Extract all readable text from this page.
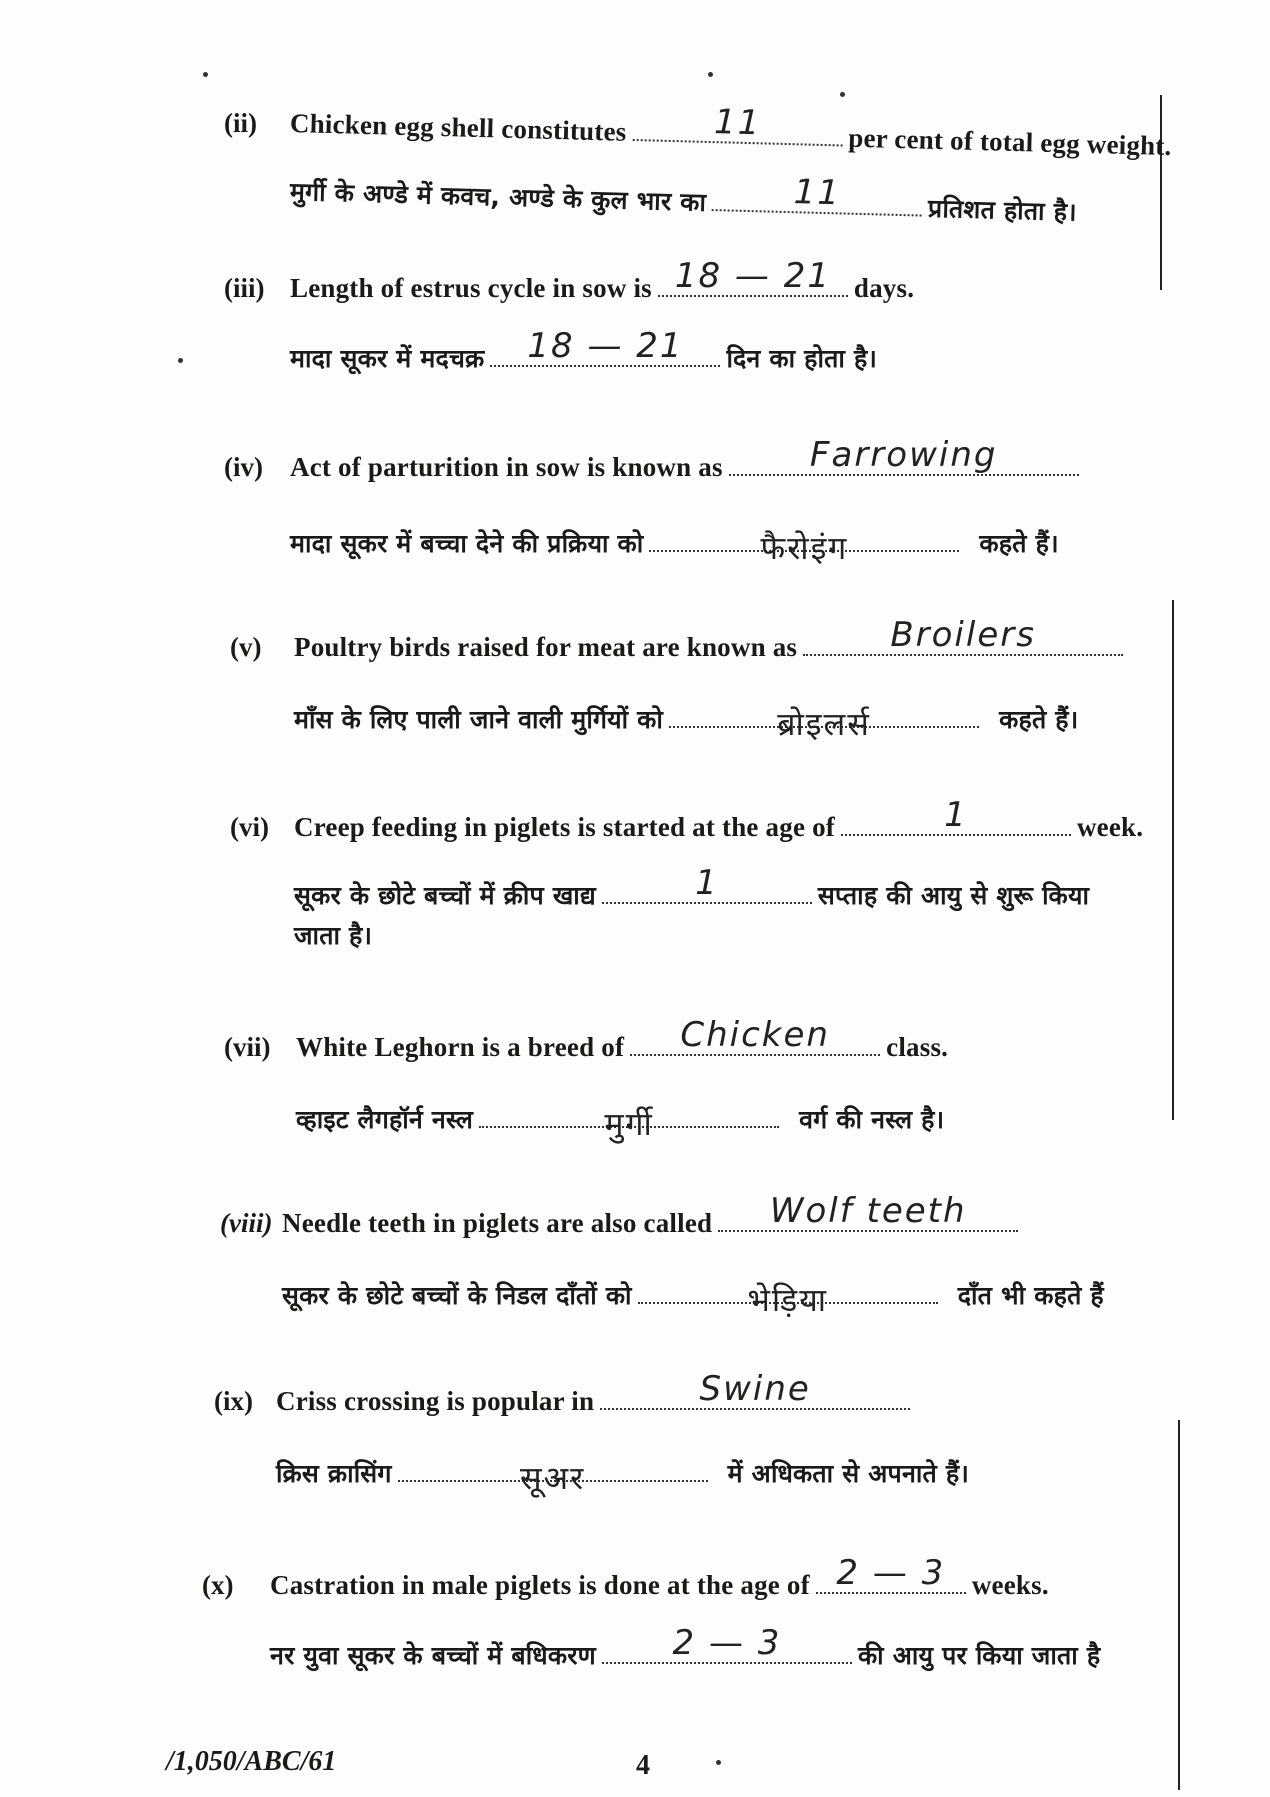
(ii) Chicken egg shell constitutes	11	per cent of total egg weight.
मुर्गी के अण्डे में कवच, अण्डे के कुल भार का	11	प्रतिशत होता है।
(iii) Length of estrus cycle in sow is 18 — 21 days.
मादा सूकर में मदचक्र	18 — 21	दिन का होता है।
(iv) Act of parturition in sow is known as	Farrowing
मादा सूकर में बच्चा देने की प्रक्रिया को	फैरोइंग	कहते हैं।
(v) Poultry birds raised for meat are known as	Broilers
माँस के लिए पाली जाने वाली मुर्गियों को	ब्रोइलर्स	कहते हैं।
(vi) Creep feeding in piglets is started at the age of	1	week.
सूकर के छोटे बच्चों में क्रीप खाद्य	1	सप्ताह की आयु से शुरू किया
जाता है।
(vii) White Leghorn is a breed of	Chicken	class.
व्हाइट लैगहॉर्न नस्ल	मुर्गी	वर्ग की नस्ल है।
(viii) Needle teeth in piglets are also called	Wolf teeth
सूकर के छोटे बच्चों के निडल दाँतों को	भेड़िया	दाँत भी कहते हैं
(ix) Criss crossing is popular in	Swine
क्रिस क्रासिंग	सूअर	में अधिकता से अपनाते हैं।
(x) Castration in male piglets is done at the age of 2 — 3 weeks.
नर युवा सूकर के बच्चों में बधिकरण	2 — 3	की आयु पर किया जाता है
/1,050/ABC/61	4
